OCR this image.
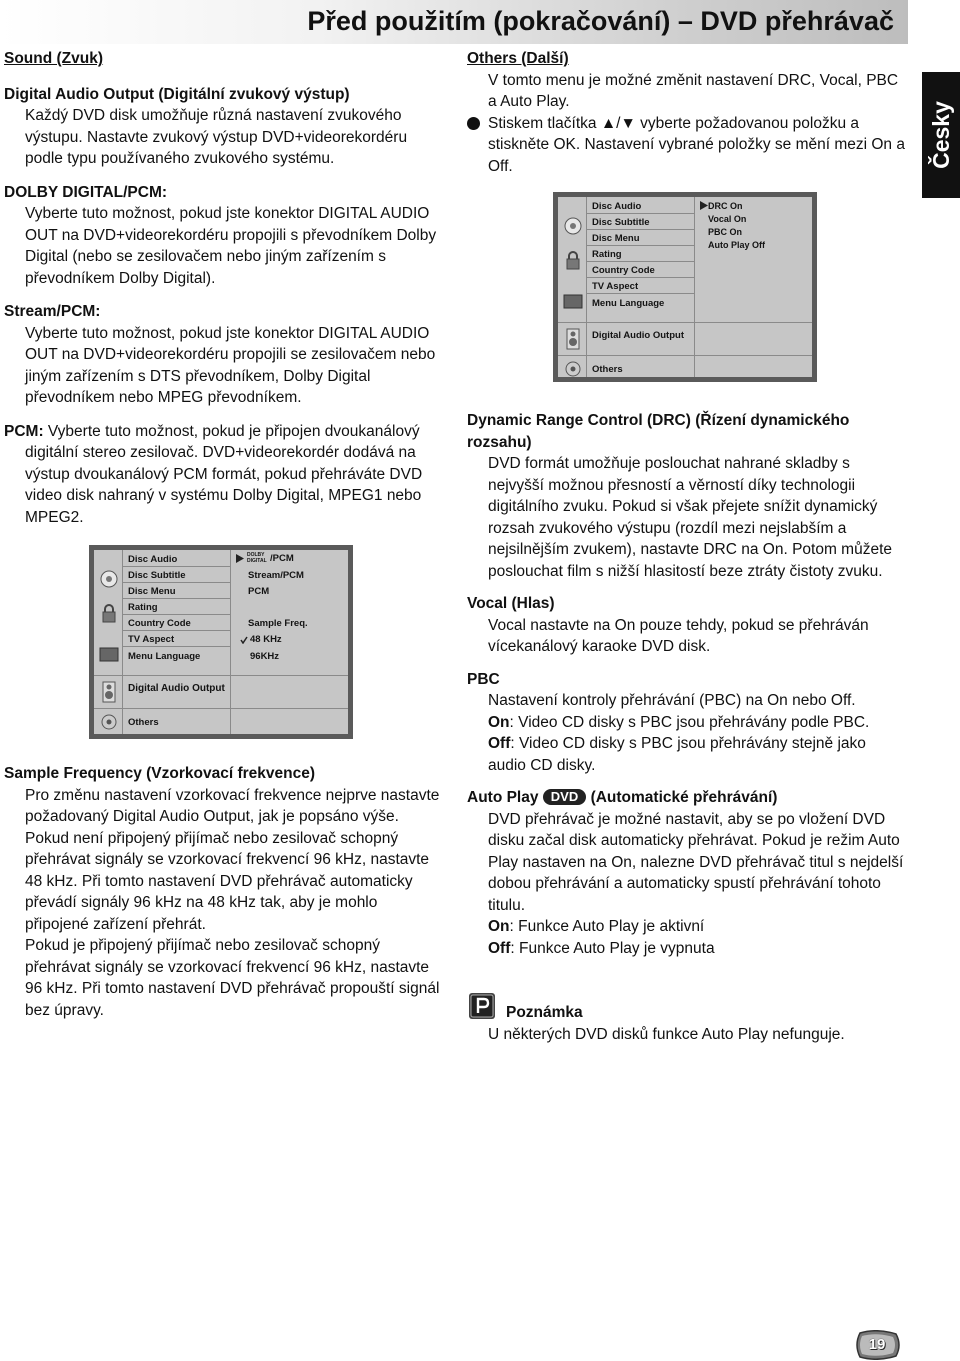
Před použitím (pokračování) – DVD přehrávač
Česky

Sound (Zvuk)

Digital Audio Output (Digitální zvukový výstup)

Každý DVD disk umožňuje různá nastavení zvukového výstupu. Nastavte zvukový výstup DVD+videorekordéru podle typu používaného zvukového systému.

DOLBY DIGITAL/PCM:

Vyberte tuto možnost, pokud jste konektor DIGITAL AUDIO OUT na DVD+videorekordéru propojili s převodníkem Dolby Digital (nebo se zesilovačem nebo jiným zařízením s převodníkem Dolby Digital).

Stream/PCM:

Vyberte tuto možnost, pokud jste konektor DIGITAL AUDIO OUT na DVD+videorekordéru propojili se zesilovačem nebo jiným zařízením s DTS převodníkem, Dolby Digital převodníkem nebo MPEG převodníkem.

PCM: Vyberte tuto možnost, pokud je připojen dvoukanálový

digitální stereo zesilovač. DVD+videorekordér dodává na výstup dvoukanálový PCM formát, pokud přehráváte DVD video disk nahraný v systému Dolby Digital, MPEG1 nebo MPEG2.

Sample Frequency (Vzorkovací frekvence)

Pro změnu nastavení vzorkovací frekvence nejprve nastavte požadovaný Digital Audio Output, jak je popsáno výše. Pokud není připojený přijímač nebo zesilovač schopný přehrávat signály se vzorkovací frekvencí 96 kHz, nastavte 48 kHz. Při tomto nastavení DVD přehrávač automaticky převádí signály 96 kHz na 48 kHz tak, aby je mohlo připojené zařízení přehrát.

Pokud je připojený přijímač nebo zesilovač schopný přehrávat signály se vzorkovací frekvencí 96 kHz, nastavte 96 kHz. Při tomto nastavení DVD přehrávač propouští signál bez úpravy.

Disc Audio
Disc Subtitle
Disc Menu
Rating
Country Code
TV Aspect
Menu Language
Digital Audio Output
Others
DOLBY
DIGITAL /PCM
Stream/PCM
PCM
Sample Freq.
48 KHz
96KHz

Others (Další)

V tomto menu je možné změnit nastavení DRC, Vocal, PBC a Auto Play.

Stiskem tlačítka ▲/▼ vyberte požadovanou položku a stiskněte OK. Nastavení vybrané položky se mění mezi On a Off.

Disc Audio
Disc Subtitle
Disc Menu
Rating
Country Code
TV Aspect
Menu Language
Digital Audio Output
Others
DRC On
Vocal On
PBC On
Auto Play Off

Dynamic Range Control (DRC) (Řízení dynamického rozsahu)

DVD formát umožňuje poslouchat nahrané skladby s nejvyšší možnou přesností a věrností díky technologii digitálního zvuku. Pokud si však přejete snížit dynamický rozsah zvukového výstupu (rozdíl mezi nejslabším a nejsilnějším zvukem), nastavte DRC na On. Potom můžete poslouchat film s nižší hlasitostí beze ztráty čistoty zvuku.

Vocal (Hlas)

Vocal nastavte na On pouze tehdy, pokud se přehráván vícekanálový karaoke DVD disk.

PBC

Nastavení kontroly přehrávání (PBC) na On nebo Off.

On: Video CD disky s PBC jsou přehrávány podle PBC.

Off: Video CD disky s PBC jsou přehrávány stejně jako audio CD disky.

Auto Play DVD (Automatické přehrávání)

DVD přehrávač je možné nastavit, aby se po vložení DVD disku začal disk automaticky přehrávat. Pokud je režim Auto Play nastaven na On, nalezne DVD přehrávač titul s nejdelší dobou přehrávání a automaticky spustí přehrávání tohoto titulu.

On: Funkce Auto Play je aktivní

Off: Funkce Auto Play je vypnuta

Poznámka
U některých DVD disků funkce Auto Play nefunguje.
19
